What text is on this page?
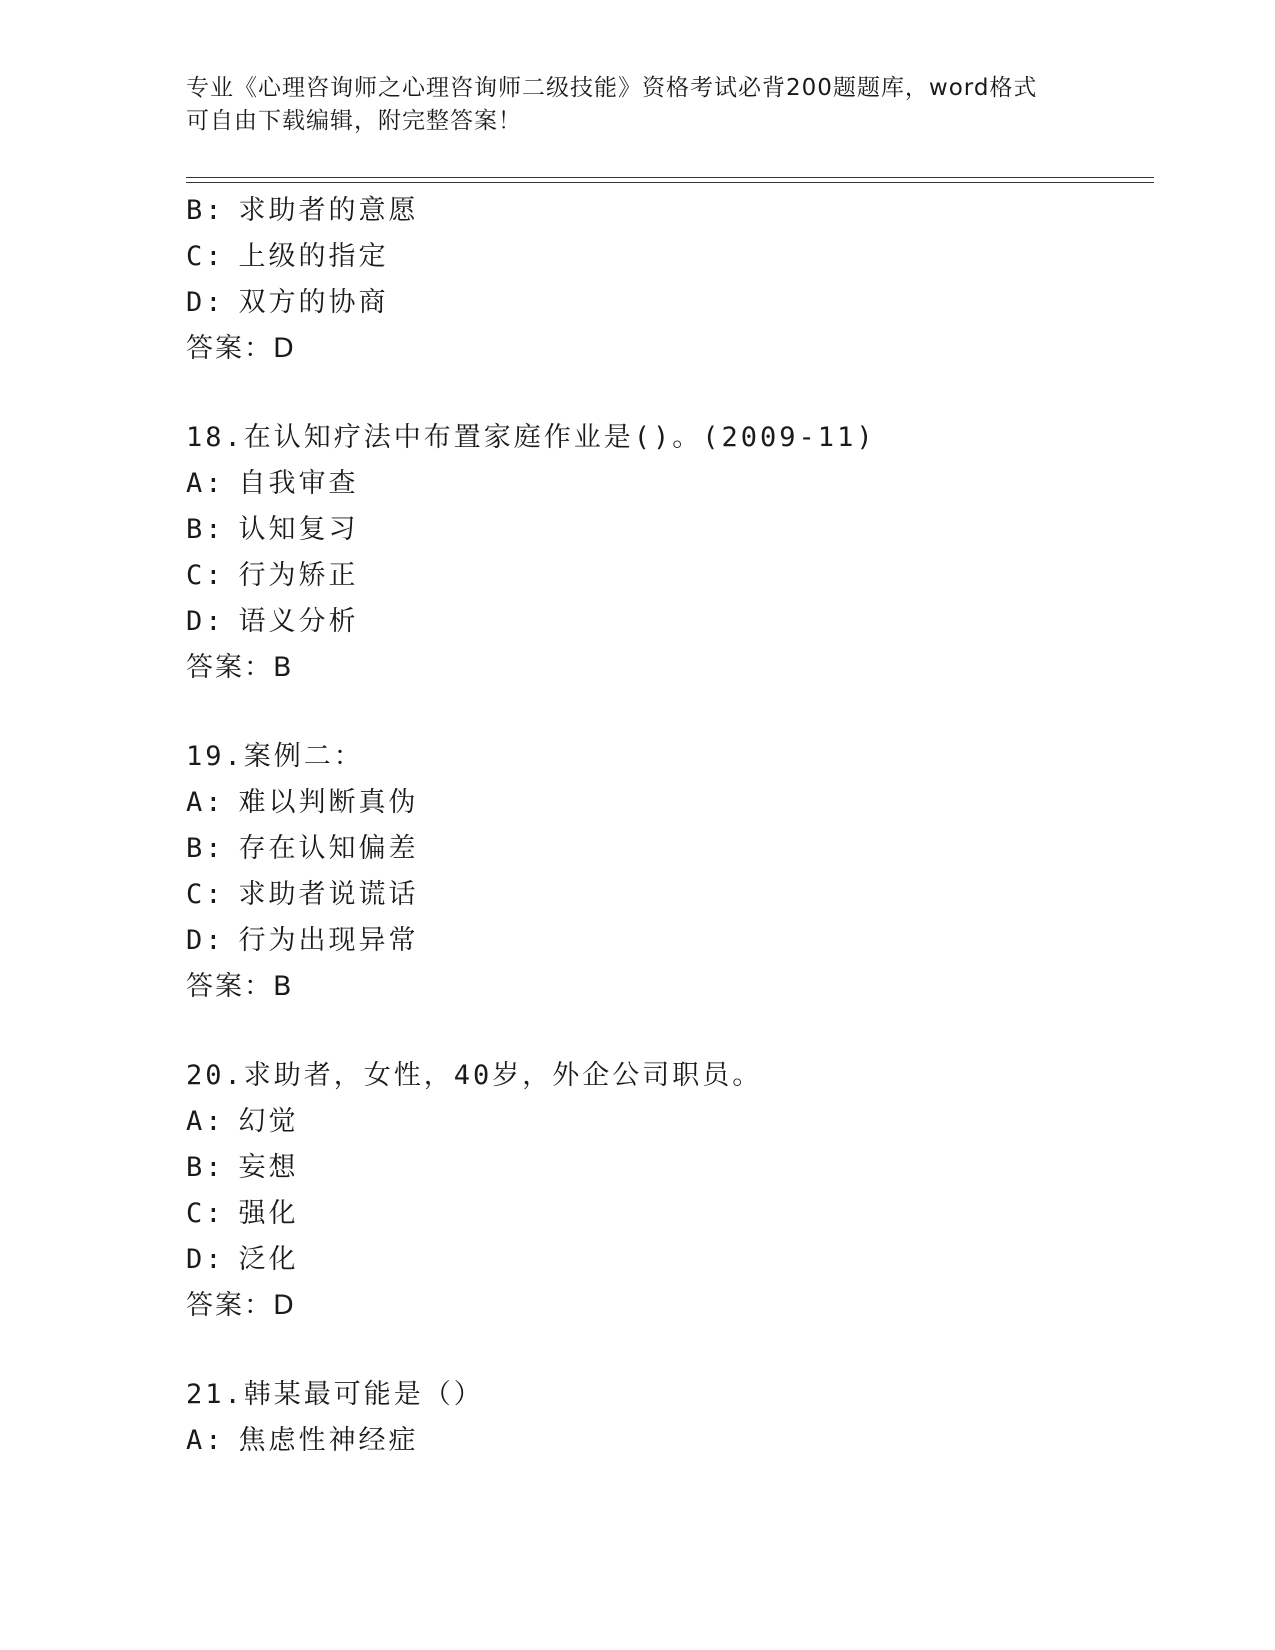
专业《心理咨询师之心理咨询师二级技能》资格考试必背200题题库，word格式
可自由下载编辑，附完整答案！
B: 求助者的意愿
C: 上级的指定
D: 双方的协商
答案：D
18.在认知疗法中布置家庭作业是()。(2009-11)
A: 自我审查
B: 认知复习
C: 行为矫正
D: 语义分析
答案：B
19.案例二：
A: 难以判断真伪
B: 存在认知偏差
C: 求助者说谎话
D: 行为出现异常
答案：B
20.求助者，女性，40岁，外企公司职员。
A: 幻觉
B: 妄想
C: 强化
D: 泛化
答案：D
21.韩某最可能是（）
A: 焦虑性神经症
